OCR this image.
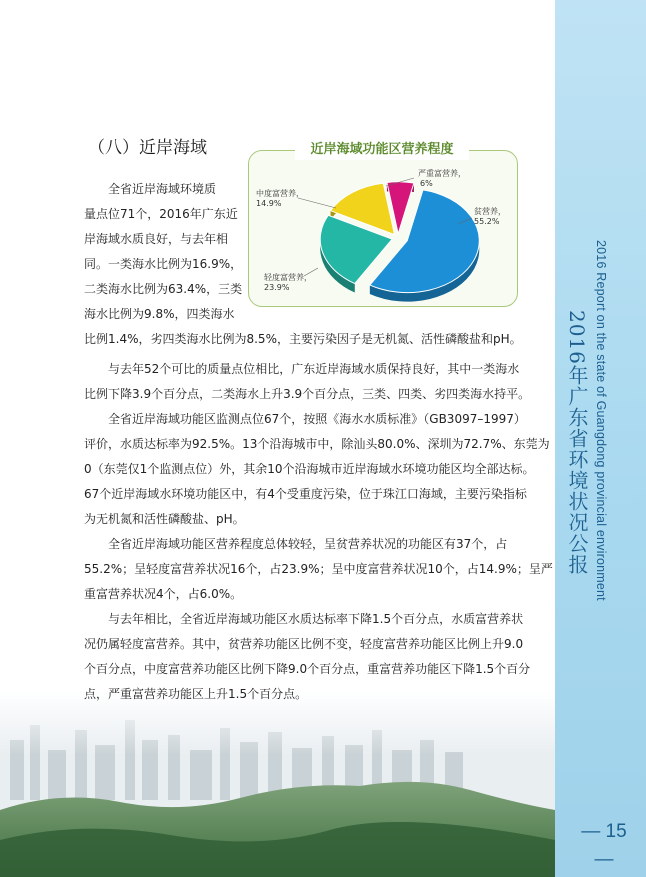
2016 Report on the state of Guangdong provincial environment
2016年广东省环境状况公报
— 15 —
（八）近岸海域	近岸海域功能区营养程度
贫营养，
55.2%
轻度富营养，
23.9%
中度富营养，
14.9%
严重富营养，
6%
　　全省近岸海域环境质
量点位71个，2016年广东近
岸海域水质良好，与去年相
同。一类海水比例为16.9%，
二类海水比例为63.4%，三类
海水比例为9.8%，四类海水
比例1.4%，劣四类海水比例为8.5%，主要污染因子是无机氮、活性磷酸盐和pH。
　　与去年52个可比的质量点位相比，广东近岸海域水质保持良好，其中一类海水
比例下降3.9个百分点，二类海水上升3.9个百分点，三类、四类、劣四类海水持平。
　　全省近岸海域功能区监测点位67个，按照《海水水质标准》（GB3097–1997）
评价，水质达标率为92.5%。13个沿海城市中，除汕头80.0%、深圳为72.7%、东莞为
0（东莞仅1个监测点位）外，其余10个沿海城市近岸海域水环境功能区均全部达标。
67个近岸海域水环境功能区中，有4个受重度污染，位于珠江口海域，主要污染指标
为无机氮和活性磷酸盐、pH。
　　全省近岸海域功能区营养程度总体较轻，呈贫营养状况的功能区有37个，占
55.2%；呈轻度富营养状况16个，占23.9%；呈中度富营养状况10个，占14.9%；呈严
重富营养状况4个，占6.0%。
　　与去年相比，全省近岸海域功能区水质达标率下降1.5个百分点，水质富营养状
况仍属轻度富营养。其中，贫营养功能区比例不变，轻度富营养功能区比例上升9.0
个百分点，中度富营养功能区比例下降9.0个百分点，重富营养功能区下降1.5个百分
点，严重富营养功能区上升1.5个百分点。
